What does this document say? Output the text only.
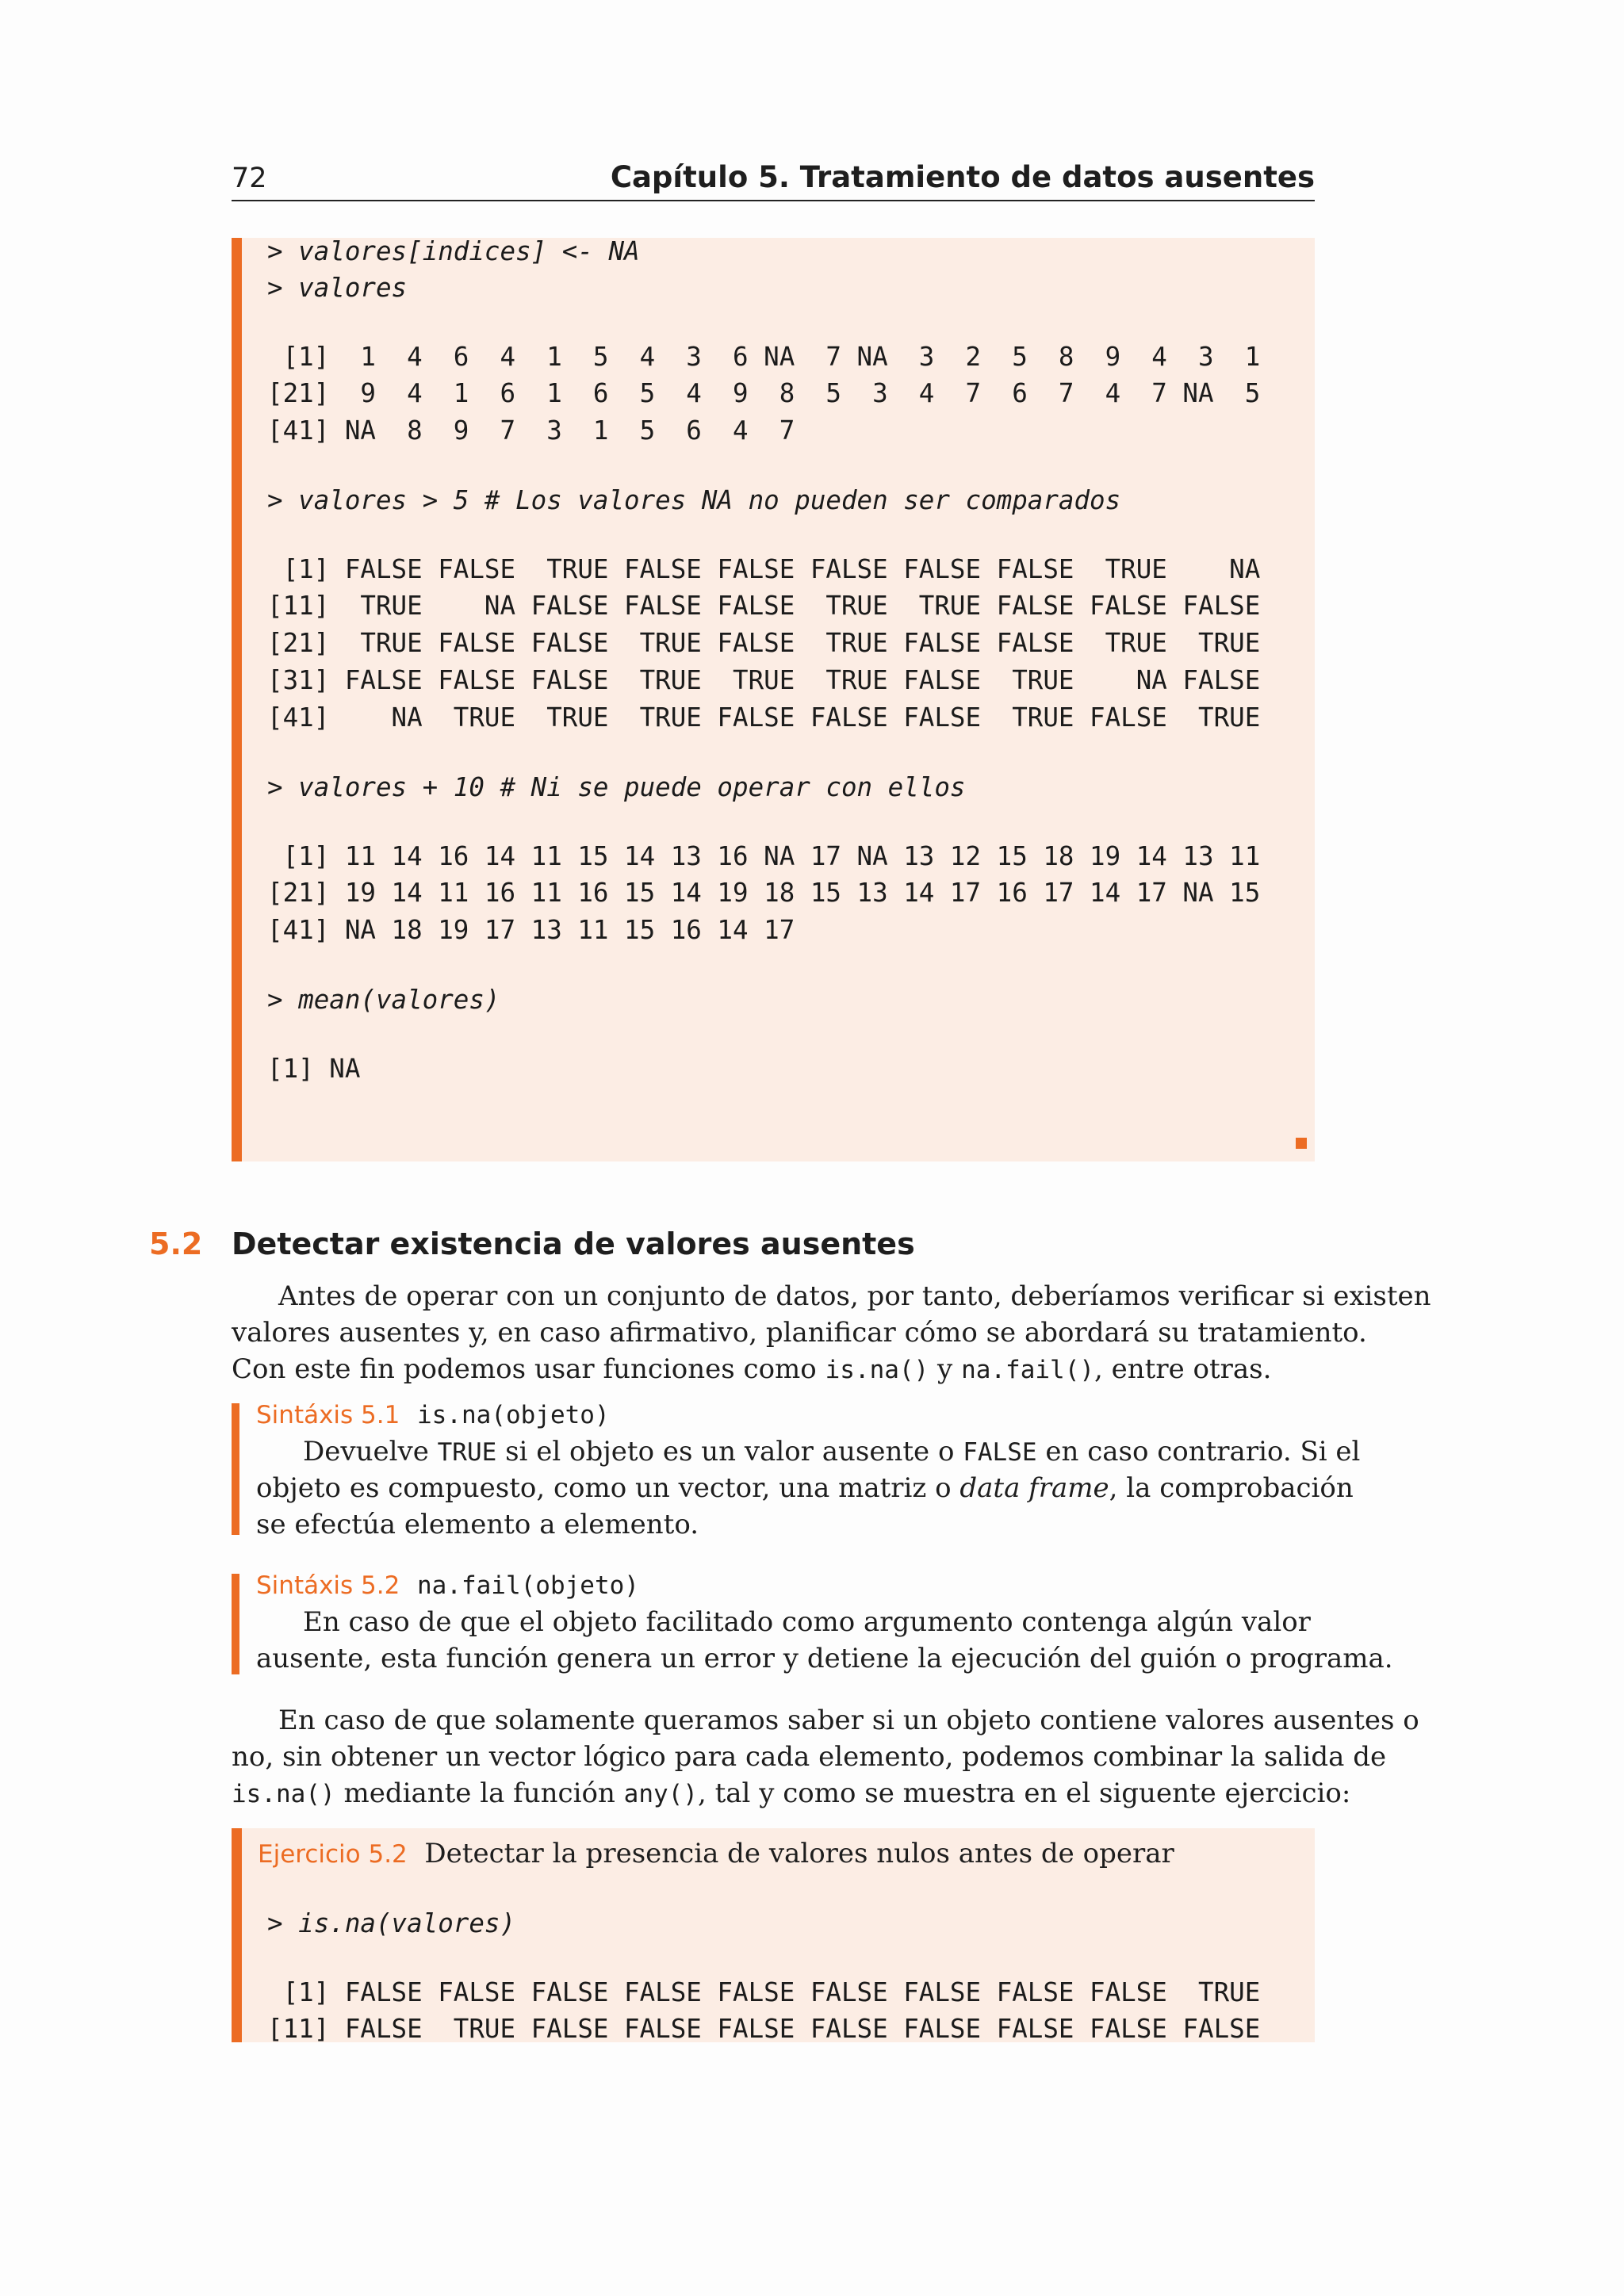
72	Capítulo 5. Tratamiento de datos ausentes
> valores[indices] <- NA
> valores
[1]  1  4  6  4  1  5  4  3  6 NA  7 NA  3  2  5  8  9  4  3  1
[21]  9  4  1  6  1  6  5  4  9  8  5  3  4  7  6  7  4  7 NA  5
[41] NA  8  9  7  3  1  5  6  4  7
> valores > 5 # Los valores NA no pueden ser comparados
[1] FALSE FALSE  TRUE FALSE FALSE FALSE FALSE FALSE  TRUE    NA
[11]  TRUE    NA FALSE FALSE FALSE  TRUE  TRUE FALSE FALSE FALSE
[21]  TRUE FALSE FALSE  TRUE FALSE  TRUE FALSE FALSE  TRUE  TRUE
[31] FALSE FALSE FALSE  TRUE  TRUE  TRUE FALSE  TRUE    NA FALSE
[41]    NA  TRUE  TRUE  TRUE FALSE FALSE FALSE  TRUE FALSE  TRUE
> valores + 10 # Ni se puede operar con ellos
[1] 11 14 16 14 11 15 14 13 16 NA 17 NA 13 12 15 18 19 14 13 11
[21] 19 14 11 16 11 16 15 14 19 18 15 13 14 17 16 17 14 17 NA 15
[41] NA 18 19 17 13 11 15 16 14 17
> mean(valores)
[1] NA
5.2 Detectar existencia de valores ausentes
Antes de operar con un conjunto de datos, por tanto, deberíamos verificar si existen
valores ausentes y, en caso afirmativo, planificar cómo se abordará su tratamiento.
Con este fin podemos usar funciones como is.na() y na.fail(), entre otras.
Sintáxis 5.1 is.na(objeto)
Devuelve TRUE si el objeto es un valor ausente o FALSE en caso contrario. Si el
objeto es compuesto, como un vector, una matriz o data frame, la comprobación
se efectúa elemento a elemento.
Sintáxis 5.2 na.fail(objeto)
En caso de que el objeto facilitado como argumento contenga algún valor
ausente, esta función genera un error y detiene la ejecución del guión o programa.
En caso de que solamente queramos saber si un objeto contiene valores ausentes o
no, sin obtener un vector lógico para cada elemento, podemos combinar la salida de
is.na() mediante la función any(), tal y como se muestra en el siguente ejercicio:
Ejercicio 5.2 Detectar la presencia de valores nulos antes de operar
> is.na(valores)
[1] FALSE FALSE FALSE FALSE FALSE FALSE FALSE FALSE FALSE  TRUE
[11] FALSE  TRUE FALSE FALSE FALSE FALSE FALSE FALSE FALSE FALSE
